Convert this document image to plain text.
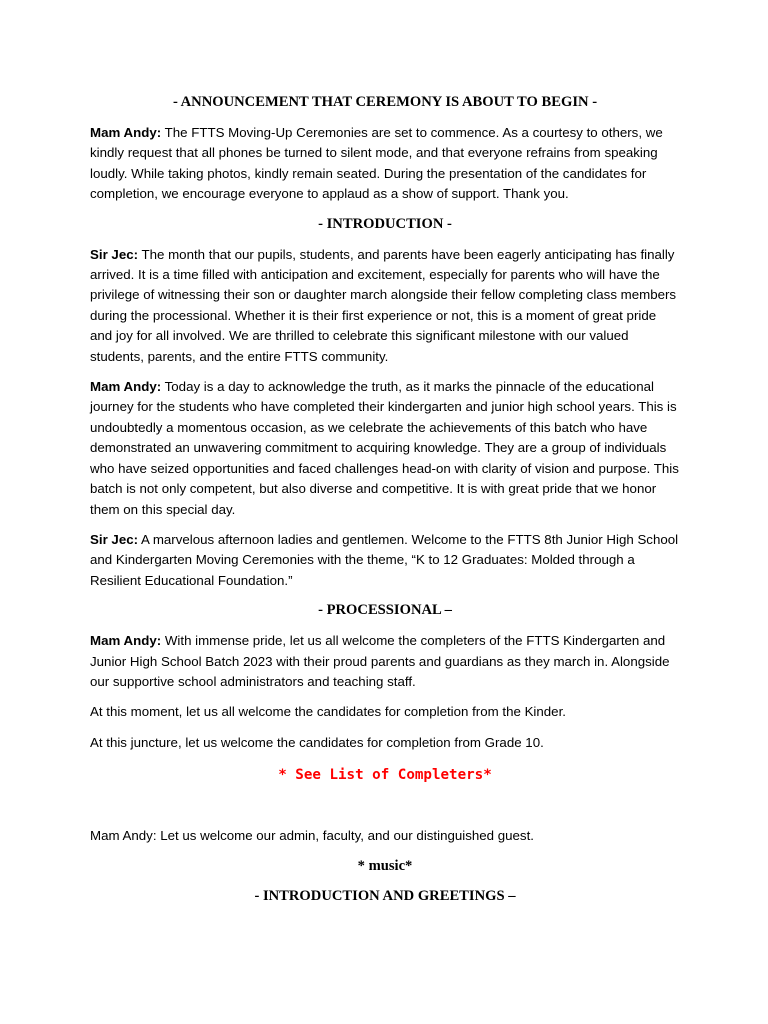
- ANNOUNCEMENT THAT CEREMONY IS ABOUT TO BEGIN -

Mam Andy: The FTTS Moving-Up Ceremonies are set to commence. As a courtesy to others, we kindly request that all phones be turned to silent mode, and that everyone refrains from speaking loudly. While taking photos, kindly remain seated. During the presentation of the candidates for completion, we encourage everyone to applaud as a show of support. Thank you.

- INTRODUCTION -

Sir Jec: The month that our pupils, students, and parents have been eagerly anticipating has finally arrived. It is a time filled with anticipation and excitement, especially for parents who will have the privilege of witnessing their son or daughter march alongside their fellow completing class members during the processional. Whether it is their first experience or not, this is a moment of great pride and joy for all involved. We are thrilled to celebrate this significant milestone with our valued students, parents, and the entire FTTS community.

Mam Andy: Today is a day to acknowledge the truth, as it marks the pinnacle of the educational journey for the students who have completed their kindergarten and junior high school years. This is undoubtedly a momentous occasion, as we celebrate the achievements of this batch who have demonstrated an unwavering commitment to acquiring knowledge. They are a group of individuals who have seized opportunities and faced challenges head-on with clarity of vision and purpose. This batch is not only competent, but also diverse and competitive. It is with great pride that we honor them on this special day.

Sir Jec: A marvelous afternoon ladies and gentlemen. Welcome to the FTTS 8th Junior High School and Kindergarten Moving Ceremonies with the theme, “K to 12 Graduates: Molded through a Resilient Educational Foundation.”

- PROCESSIONAL –

Mam Andy: With immense pride, let us all welcome the completers of the FTTS Kindergarten and Junior High School Batch 2023 with their proud parents and guardians as they march in. Alongside our supportive school administrators and teaching staff.

At this moment, let us all welcome the candidates for completion from the Kinder.

At this juncture, let us welcome the candidates for completion from Grade 10.

* See List of Completers*

Mam Andy: Let us welcome our admin, faculty, and our distinguished guest.

* music*

- INTRODUCTION AND GREETINGS –
